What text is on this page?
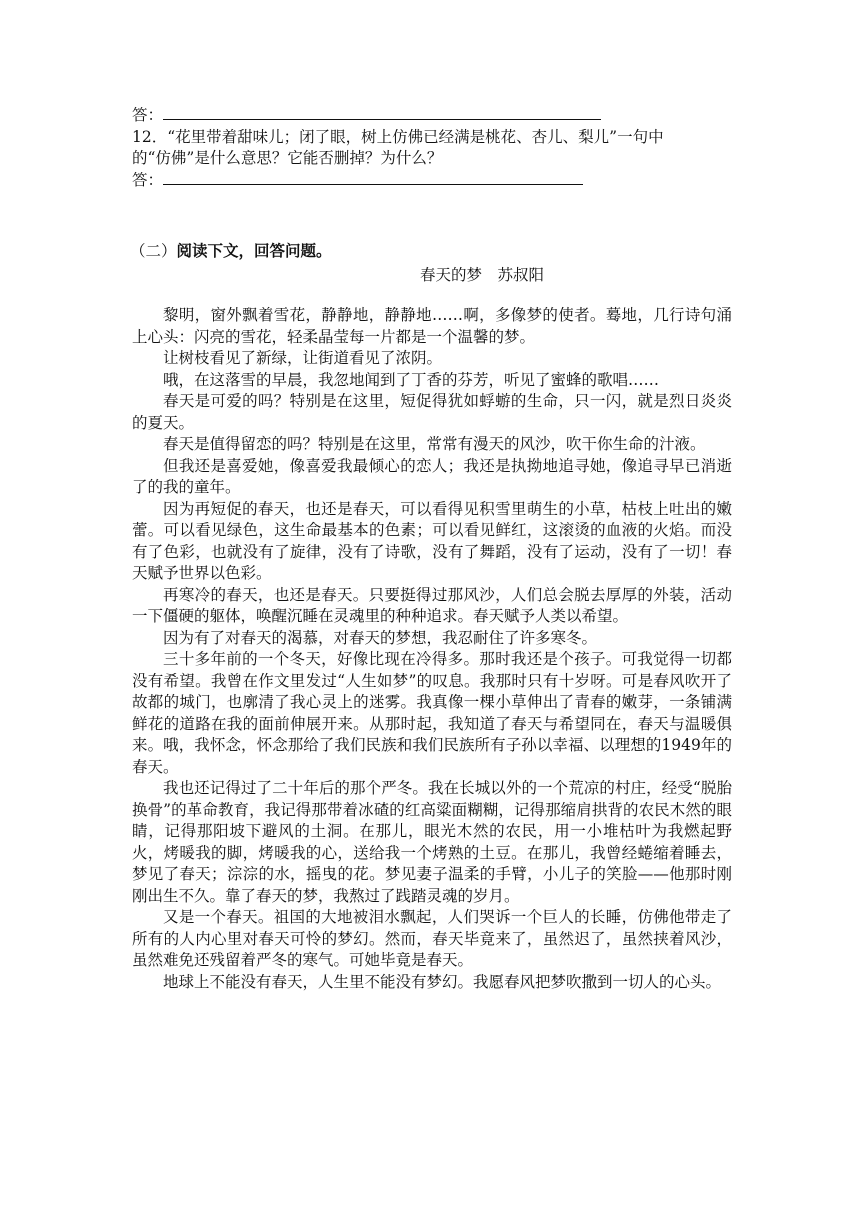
答：
12．“花里带着甜味儿；闭了眼，树上仿佛已经满是桃花、杏儿、梨儿”一句中
的“仿佛”是什么意思？它能否删掉？为什么？
答：
（二）阅读下文，回答问题。
春天的梦　苏叔阳

黎明，窗外飘着雪花，静静地，静静地……啊，多像梦的使者。蓦地，几行诗句涌上心头：闪亮的雪花，轻柔晶莹每一片都是一个温馨的梦。

让树枝看见了新绿，让街道看见了浓阴。

哦，在这落雪的早晨，我忽地闻到了丁香的芬芳，听见了蜜蜂的歌唱……

春天是可爱的吗？特别是在这里，短促得犹如蜉蝣的生命，只一闪，就是烈日炎炎的夏天。

春天是值得留恋的吗？特别是在这里，常常有漫天的风沙，吹干你生命的汁液。

但我还是喜爱她，像喜爱我最倾心的恋人；我还是执拗地追寻她，像追寻早已消逝了的我的童年。

因为再短促的春天，也还是春天，可以看得见积雪里萌生的小草，枯枝上吐出的嫩蕾。可以看见绿色，这生命最基本的色素；可以看见鲜红，这滚烫的血液的火焰。而没有了色彩，也就没有了旋律，没有了诗歌，没有了舞蹈，没有了运动，没有了一切！春天赋予世界以色彩。

再寒冷的春天，也还是春天。只要挺得过那风沙，人们总会脱去厚厚的外装，活动一下僵硬的躯体，唤醒沉睡在灵魂里的种种追求。春天赋予人类以希望。

因为有了对春天的渴慕，对春天的梦想，我忍耐住了许多寒冬。

三十多年前的一个冬天，好像比现在冷得多。那时我还是个孩子。可我觉得一切都没有希望。我曾在作文里发过“人生如梦”的叹息。我那时只有十岁呀。可是春风吹开了故都的城门，也廓清了我心灵上的迷雾。我真像一棵小草伸出了青春的嫩芽，一条铺满鲜花的道路在我的面前伸展开来。从那时起，我知道了春天与希望同在，春天与温暖俱来。哦，我怀念，怀念那给了我们民族和我们民族所有子孙以幸福、以理想的1949年的春天。

我也还记得过了二十年后的那个严冬。我在长城以外的一个荒凉的村庄，经受“脱胎换骨”的革命教育，我记得那带着冰碴的红高粱面糊糊，记得那缩肩拱背的农民木然的眼睛，记得那阳坡下避风的土洞。在那儿，眼光木然的农民，用一小堆枯叶为我燃起野火，烤暖我的脚，烤暖我的心，送给我一个烤熟的土豆。在那儿，我曾经蜷缩着睡去，梦见了春天；淙淙的水，摇曳的花。梦见妻子温柔的手臂，小儿子的笑脸——他那时刚刚出生不久。靠了春天的梦，我熬过了践踏灵魂的岁月。

又是一个春天。祖国的大地被泪水飘起，人们哭诉一个巨人的长睡，仿佛他带走了所有的人内心里对春天可怜的梦幻。然而，春天毕竟来了，虽然迟了，虽然挟着风沙，虽然难免还残留着严冬的寒气。可她毕竟是春天。

地球上不能没有春天，人生里不能没有梦幻。我愿春风把梦吹撒到一切人的心头。
